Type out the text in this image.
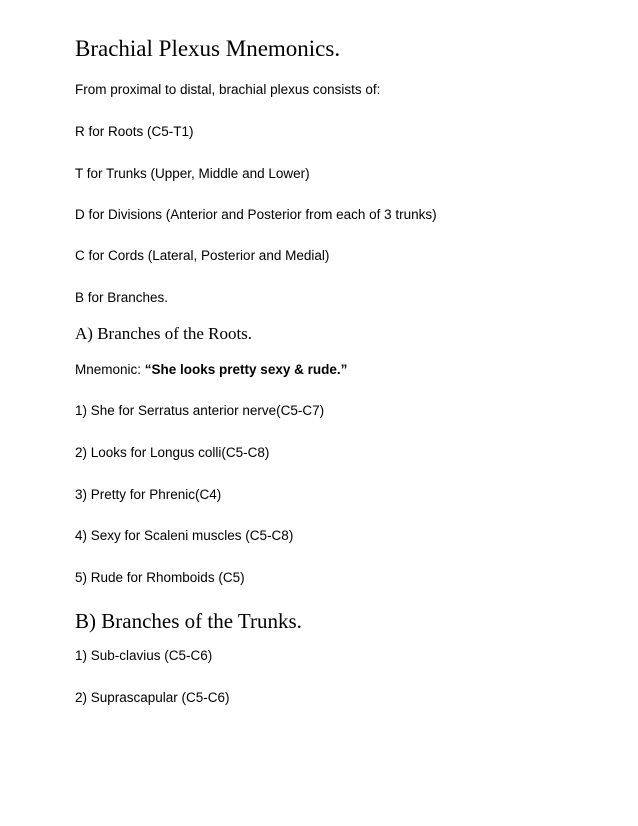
Brachial Plexus Mnemonics.
From proximal to distal, brachial plexus consists of:
R for Roots (C5-T1)
T for Trunks (Upper, Middle and Lower)
D for Divisions (Anterior and Posterior from each of 3 trunks)
C for Cords (Lateral, Posterior and Medial)
B for Branches.
A) Branches of the Roots.
Mnemonic: “She looks pretty sexy & rude.”
1) She for Serratus anterior nerve(C5-C7)
2) Looks for Longus colli(C5-C8)
3) Pretty for Phrenic(C4)
4) Sexy for Scaleni muscles (C5-C8)
5) Rude for Rhomboids (C5)
B) Branches of the Trunks.
1) Sub-clavius (C5-C6)
2) Suprascapular (C5-C6)
